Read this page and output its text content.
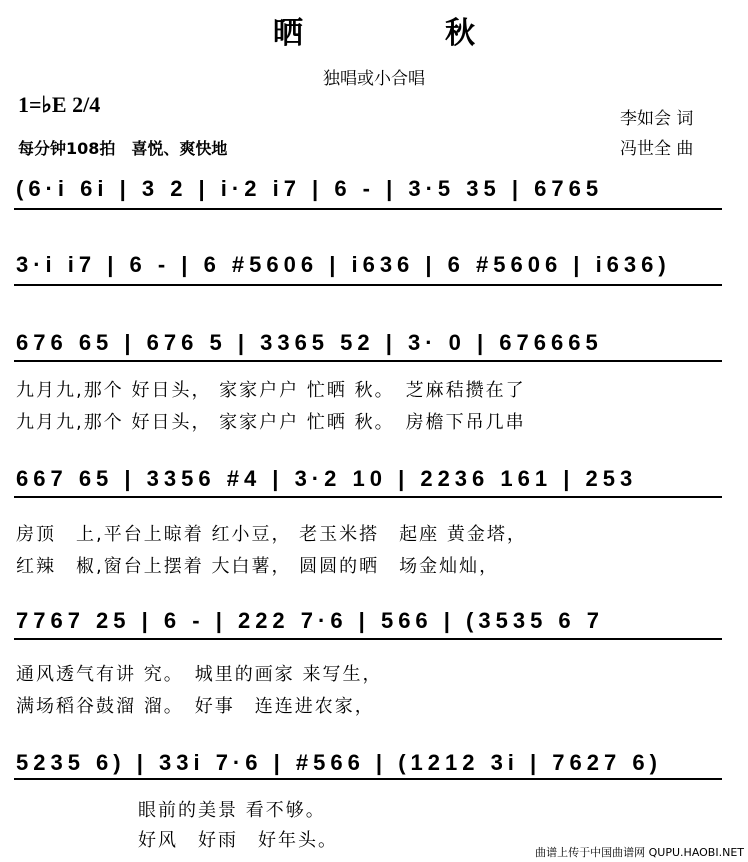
晒　秋
独唱或小合唱
1=♭E 2/4
每分钟108拍　喜悦、爽快地
李如会 词
冯世全 曲
(6·i 6i | 3 2 | i·2 i7 | 6 - | 3·5 35 | 6765
3·i i7 | 6 - | 6 #5606 | i636 | 6 #5606 | i636)
676 65 | 676 5 | 3365 52 | 3· 0 | 676665
九月九,那个 好日头， 家家户户 忙晒 秋。　芝麻秸攒在了
九月九,那个 好日头， 家家户户 忙晒 秋。　房檐下吊几串
667 65 | 3356 #4 | 3·2 10 | 2236 161 | 253
房顶　上,平台上晾着 红小豆， 老玉米搭　起座 黄金塔，
红辣　椒,窗台上摆着 大白薯， 圆圆的晒　场金灿灿，
7767 25 | 6 - | 222 7·6 | 566 | (3535 6 7
通风透气有讲 究。　城里的画家 来写生，
满场稻谷鼓溜 溜。　好事　连连进农家，
5235 6) | 33i 7·6 | #566 | (1212 3i | 7627 6)
眼前的美景 看不够。
好风　好雨　好年头。
曲谱上传于中国曲谱网 QUPU.HAOBI.NET
